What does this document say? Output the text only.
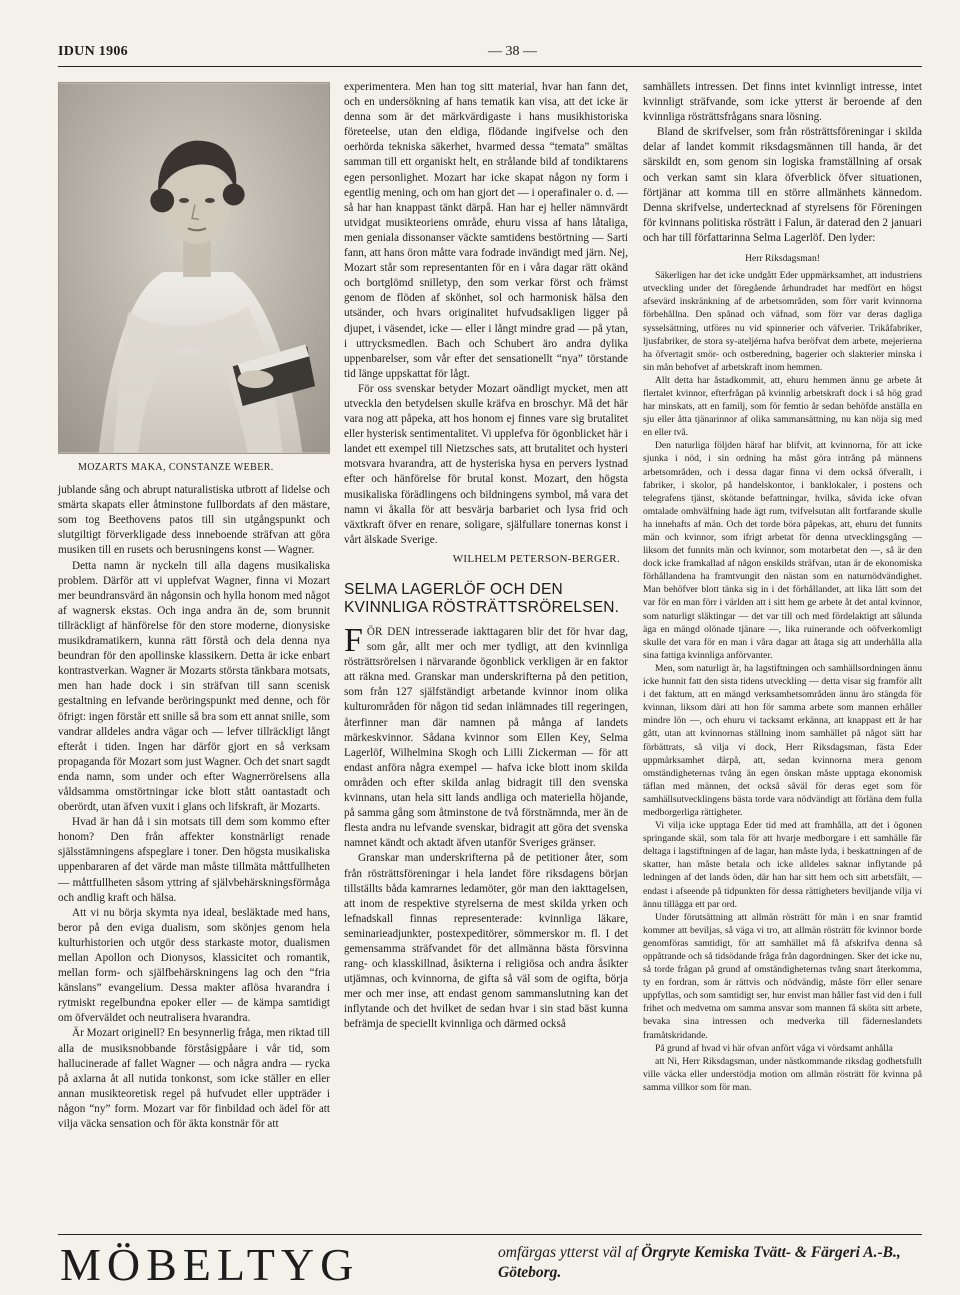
IDUN 1906	— 38 —
MOZARTS MAKA, CONSTANZE WEBER.

jublande sång och abrupt naturalistiska utbrott af lidelse och smärta skapats eller åtminstone fullbordats af den mästare, som tog Beethovens patos till sin utgångspunkt och slutgiltigt förverkligade dess inneboende sträfvan att göra musiken till en rusets och berusningens konst — Wagner.

Detta namn är nyckeln till alla dagens musikaliska problem. Därför att vi upplefvat Wagner, finna vi Mozart mer beundransvärd än någonsin och hylla honom med något af wagnersk ekstas. Och inga andra än de, som brunnit tillräckligt af hänförelse för den store moderne, dionysiske musikdramatikern, kunna rätt förstå och dela denna nya beundran för den apollinske klassikern. Detta är icke enbart kontrastverkan. Wagner är Mozarts största tänkbara motsats, men han hade dock i sin sträfvan till sann scenisk gestaltning en lefvande beröringspunkt med denne, och för öfrigt: ingen förstår ett snille så bra som ett annat snille, som vandrar alldeles andra vägar och — lefver tillräckligt långt efteråt i tiden. Ingen har därför gjort en så verksam propaganda för Mozart som just Wagner. Och det snart sagdt enda namn, som under och efter Wagnerrörelsens alla våldsamma omstörtningar icke blott stått oantastadt och oberördt, utan äfven vuxit i glans och lifskraft, är Mozarts.

Hvad är han då i sin motsats till dem som kommo efter honom? Den från affekter konstnärligt renade själsstämningens afspeglare i toner. Den högsta musikaliska uppenbararen af det värde man måste tillmäta måttfullheten — måttfullheten såsom yttring af självbehärskningsförmåga och andlig kraft och hälsa.

Att vi nu börja skymta nya ideal, besläktade med hans, beror på den eviga dualism, som skönjes genom hela kulturhistorien och utgör dess starkaste motor, dualismen mellan Apollon och Dionysos, klassicitet och romantik, mellan form- och själfbehärskningens lag och den “fria känslans” evangelium. Dessa makter aflösa hvarandra i rytmiskt regelbundna epoker eller — de kämpa samtidigt om öfverväldet och neutralisera hvarandra.

Är Mozart originell? En besynnerlig fråga, men riktad till alla de musiksnobbande förståsigpåare i vår tid, som hallucinerade af fallet Wagner — och några andra — rycka på axlarna åt all nutida tonkonst, som icke ställer en eller annan musikteoretisk regel på hufvudet eller uppträder i någon “ny” form. Mozart var för finbildad och ädel för att vilja väcka sensation och för äkta konstnär för att

experimentera. Men han tog sitt material, hvar han fann det, och en undersökning af hans tematik kan visa, att det icke är denna som är det märkvärdigaste i hans musikhistoriska företeelse, utan den eldiga, flödande ingifvelse och den oerhörda tekniska säkerhet, hvarmed dessa “temata” smältas samman till ett organiskt helt, en strålande bild af tondiktarens egen personlighet. Mozart har icke skapat någon ny form i egentlig mening, och om han gjort det — i operafinaler o. d. — så har han knappast tänkt därpå. Han har ej heller nämnvärdt utvidgat musikteoriens område, ehuru vissa af hans låtaliga, men geniala dissonanser väckte samtidens bestörtning — Sarti fann, att hans öron måtte vara fodrade invändigt med järn. Nej, Mozart står som representanten för en i våra dagar rätt okänd och bortglömd snilletyp, den som verkar först och främst genom de flöden af skönhet, sol och harmonisk hälsa den utsänder, och hvars originalitet hufvudsakligen ligger på djupet, i väsendet, icke — eller i långt mindre grad — på ytan, i uttrycksmedlen. Bach och Schubert äro andra dylika uppenbarelser, som vår efter det sensationellt “nya” törstande tid länge uppskattat för lågt.

För oss svenskar betyder Mozart oändligt mycket, men att utveckla den betydelsen skulle kräfva en broschyr. Må det här vara nog att påpeka, att hos honom ej finnes vare sig brutalitet eller hysterisk sentimentalitet. Vi upplefva för ögonblicket här i landet ett exempel till Nietzsches sats, att brutalitet och hysteri motsvara hvarandra, att de hysteriska hysa en pervers lystnad efter och hänförelse för brutal konst. Mozart, den högsta musikaliska förädlingens och bildningens symbol, må vara det namn vi åkalla för att besvärja barbariet och lysa frid och växtkraft öfver en renare, soligare, själfullare tonernas konst i vårt älskade Sverige.

WILHELM PETERSON-BERGER.
SELMA LAGERLÖF OCH DEN KVINNLIGA RÖSTRÄTTSRÖRELSEN.

FÖR DEN intresserade iakttagaren blir det för hvar dag, som går, allt mer och mer tydligt, att den kvinnliga rösträttsrörelsen i närvarande ögonblick verkligen är en faktor att räkna med. Granskar man underskrifterna på den petition, som från 127 själfständigt arbetande kvinnor inom olika kulturområden för någon tid sedan inlämnades till regeringen, återfinner man där namnen på många af landets märkeskvinnor. Sådana kvinnor som Ellen Key, Selma Lagerlöf, Wilhelmina Skogh och Lilli Zickerman — för att endast anföra några exempel — hafva icke blott inom skilda områden och efter skilda anlag bidragit till den svenska kvinnans, utan hela sitt lands andliga och materiella höjande, på samma gång som åtminstone de två förstnämnda, mer än de flesta andra nu lefvande svenskar, bidragit att göra det svenska namnet kändt och aktadt äfven utanför Sveriges gränser.

Granskar man underskrifterna på de petitioner åter, som från rösträttsföreningar i hela landet före riksdagens början tillställts båda kamrarnes ledamöter, gör man den iakttagelsen, att inom de respektive styrelserna de mest skilda yrken och lefnadskall finnas representerade: kvinnliga läkare, seminarieadjunkter, postexpeditörer, sömmerskor m. fl. I det gemensamma sträfvandet för det allmänna bästa försvinna rang- och klasskillnad, åsikterna i religiösa och andra åsikter utjämnas, och kvinnorna, de gifta så väl som de ogifta, börja mer och mer inse, att endast genom sammanslutning kan det inflytande och det hvilket de sedan hvar i sin stad bäst kunna befrämja de speciellt kvinnliga och därmed också

samhällets intressen. Det finns intet kvinnligt intresse, intet kvinnligt sträfvande, som icke ytterst är beroende af den kvinnliga rösträttsfrågans snara lösning.

Bland de skrifvelser, som från rösträttsföreningar i skilda delar af landet kommit riksdagsmännen till handa, är det särskildt en, som genom sin logiska framställning af orsak och verkan samt sin klara öfverblick öfver situationen, förtjänar att komma till en större allmänhets kännedom. Denna skrifvelse, undertecknad af styrelsens för Föreningen för kvinnans politiska rösträtt i Falun, är daterad den 2 januari och har till författarinna Selma Lagerlöf. Den lyder:

Herr Riksdagsman!

Säkerligen har det icke undgått Eder uppmärksamhet, att industriens utveckling under det föregående århundradet har medfört en högst afsevärd inskränkning af de arbetsområden, som förr varit kvinnorna förbehållna. Den spånad och väfnad, som förr var deras dagliga sysselsättning, utföres nu vid spinnerier och väfverier. Trikåfabriker, ljusfabriker, de stora sy-ateljérna hafva beröfvat dem arbete, mejerierna ha öfvertagit smör- och ostberedning, bagerier och slakterier minska i sin mån behofvet af arbetskraft inom hemmen.

Allt detta har åstadkommit, att, ehuru hemmen ännu ge arbete åt flertalet kvinnor, efterfrågan på kvinnlig arbetskraft dock i så hög grad har minskats, att en familj, som för femtio år sedan behöfde anställa en sju eller åtta tjänarinnor af olika sammansättning, nu kan nöja sig med en eller två.

Den naturliga följden häraf har blifvit, att kvinnorna, för att icke sjunka i nöd, i sin ordning ha måst göra intrång på männens arbetsområden, och i dessa dagar finna vi dem också öfverallt, i fabriker, i skolor, på handelskontor, i banklokaler, i postens och telegrafens tjänst, skötande befattningar, hvilka, såvida icke ofvan omtalade omhvälfning hade ägt rum, tvifvelsutan allt fortfarande skulle ha innehafts af män. Och det torde böra påpekas, att, ehuru det funnits män och kvinnor, som ifrigt arbetat för denna utvecklingsgång — liksom det funnits män och kvinnor, som motarbetat den —, så är den dock icke framkallad af någon enskilds sträfvan, utan är de ekonomiska förhållandena ha framtvungit den nästan som en naturnödvändighet. Man behöfver blott tänka sig in i det förhållandet, att lika lätt som det var för en man förr i världen att i sitt hem ge arbete åt det antal kvinnor, som naturligt släktingar — det var till och med fördelaktigt att sålunda äga en mängd olönade tjänare —, lika ruinerande och oöfverkomligt skulle det vara för en man i våra dagar att åtaga sig att underhålla alla sina fattiga kvinnliga anförvanter.

Men, som naturligt är, ha lagstiftningen och samhällsordningen ännu icke hunnit fatt den sista tidens utveckling — detta visar sig framför allt i det faktum, att en mängd verksamhetsområden ännu äro stängda för kvinnan, liksom däri att hon för samma arbete som mannen erhåller mindre lön —, och ehuru vi tacksamt erkänna, att knappast ett år har gått, utan att kvinnornas ställning inom samhället på något sätt har förbättrats, så vilja vi dock, Herr Riksdagsman, fästa Eder uppmärksamhet därpå, att, sedan kvinnorna mera genom omständigheternas tvång än egen önskan måste upptaga ekonomisk täflan med männen, det också såväl för deras eget som för samhällsutvecklingens bästa torde vara nödvändigt att förläna dem fulla medborgerliga rättigheter.

Vi vilja icke upptaga Eder tid med att framhålla, att det i ögonen springande skäl, som tala för att hvarje medborgare i ett samhälle får deltaga i lagstiftningen af de lagar, han måste lyda, i beskattningen af de skatter, han måste betala och icke alldeles saknar inflytande på ledningen af det lands öden, där han har sitt hem och sitt arbetsfält, — endast i afseende på tidpunkten för dessa rättigheters beviljande vilja vi ännu tillägga ett par ord.

Under förutsättning att allmän rösträtt för män i en snar framtid kommer att beviljas, så väga vi tro, att allmän rösträtt för kvinnor borde genomföras samtidigt, för att samhället må få afskrifva denna så oppåtrande och så tidsödande fråga från dagordningen. Sker det icke nu, så torde frågan på grund af omständigheternas tvång snart återkomma, ty en fordran, som är rättvis och nödvändig, måste förr eller senare uppfyllas, och som samtidigt ser, hur envist man håller fast vid den i full frihet och medvetna om samma ansvar som mannen få sköta sitt arbete, bevaka sina intressen och medverka till fäderneslandets framåtskridande.

På grund af hvad vi här ofvan anfört våga vi vördsamt anhålla

att Ni, Herr Riksdagsman, under nästkommande riksdag godhetsfullt ville väcka eller understödja motion om allmän rösträtt för kvinna på samma villkor som för man.

MÖBELTYG	omfärgas ytterst väl af Örgryte Kemiska Tvätt- & Färgeri A.-B., Göteborg.
